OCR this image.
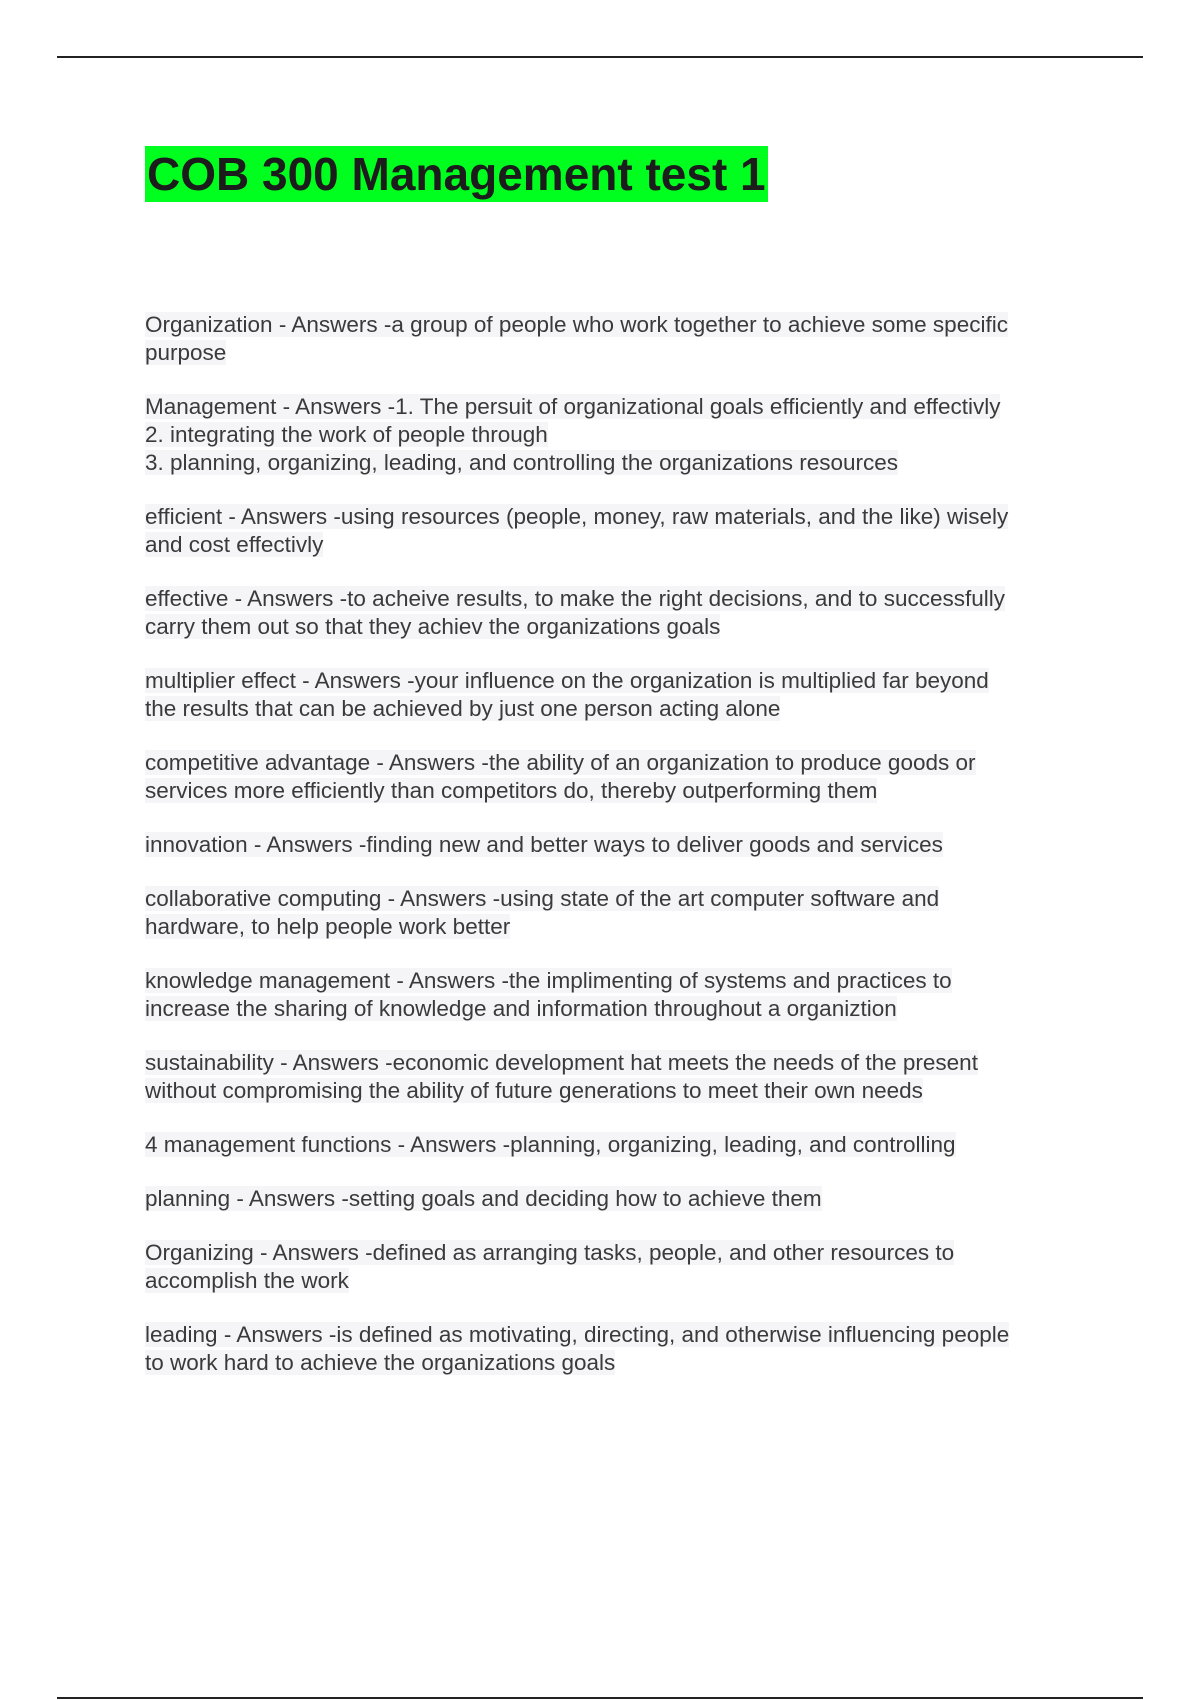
COB 300 Management test 1
Organization - Answers -a group of people who work together to achieve some specific
purpose
Management - Answers -1. The persuit of organizational goals efficiently and effectivly
2. integrating the work of people through
3. planning, organizing, leading, and controlling the organizations resources
efficient - Answers -using resources (people, money, raw materials, and the like) wisely
and cost effectivly
effective - Answers -to acheive results, to make the right decisions, and to successfully
carry them out so that they achiev the organizations goals
multiplier effect - Answers -your influence on the organization is multiplied far beyond
the results that can be achieved by just one person acting alone
competitive advantage - Answers -the ability of an organization to produce goods or
services more efficiently than competitors do, thereby outperforming them
innovation - Answers -finding new and better ways to deliver goods and services
collaborative computing - Answers -using state of the art computer software and
hardware, to help people work better
knowledge management - Answers -the implimenting of systems and practices to
increase the sharing of knowledge and information throughout a organiztion
sustainability - Answers -economic development hat meets the needs of the present
without compromising the ability of future generations to meet their own needs
4 management functions - Answers -planning, organizing, leading, and controlling
planning - Answers -setting goals and deciding how to achieve them
Organizing - Answers -defined as arranging tasks, people, and other resources to
accomplish the work
leading - Answers -is defined as motivating, directing, and otherwise influencing people
to work hard to achieve the organizations goals
